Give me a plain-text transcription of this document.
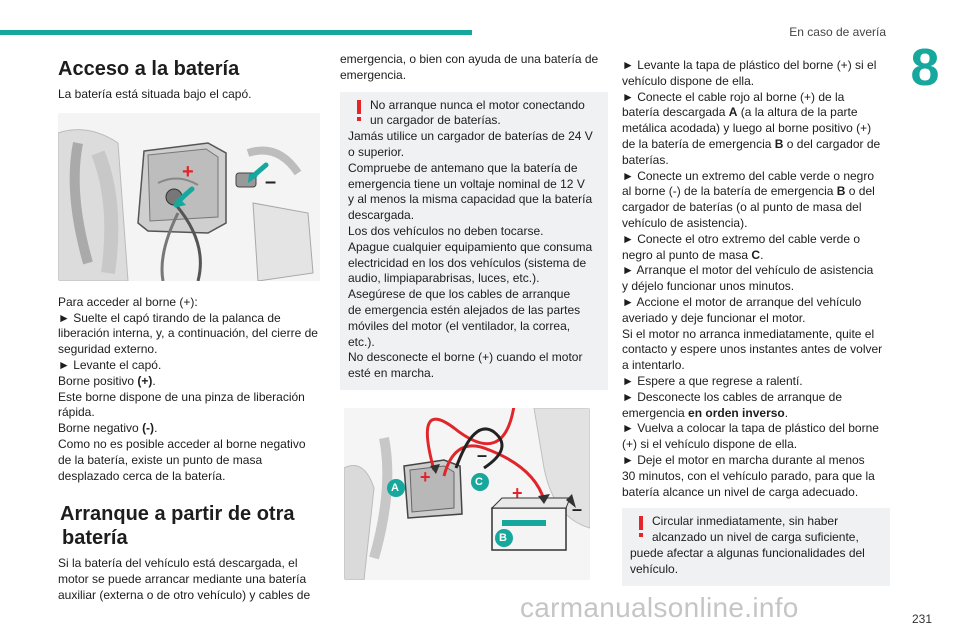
En caso de avería
8
Acceso a la batería

La batería está situada bajo el capó.

+	–

Para acceder al borne (+):

► Suelte el capó tirando de la palanca de

liberación interna, y, a continuación, del cierre de

seguridad externo.

► Levante el capó.

Borne positivo (+).

Este borne dispone de una pinza de liberación

rápida.

Borne negativo (-).

Como no es posible acceder al borne negativo

de la batería, existe un punto de masa

desplazado cerca de la batería.

Arranque a partir de otra
batería

Si la batería del vehículo está descargada, el

motor se puede arrancar mediante una batería

auxiliar (externa o de otro vehículo) y cables de

emergencia, o bien con ayuda de una batería de

emergencia.

No arranque nunca el motor conectando

un cargador de baterías.

Jamás utilice un cargador de baterías de 24 V

o superior.

Compruebe de antemano que la batería de

emergencia tiene un voltaje nominal de 12 V

y al menos la misma capacidad que la batería

descargada.

Los dos vehículos no deben tocarse.

Apague cualquier equipamiento que consuma

electricidad en los dos vehículos (sistema de

audio, limpiaparabrisas, luces, etc.).

Asegúrese de que los cables de arranque

de emergencia estén alejados de las partes

móviles del motor (el ventilador, la correa,

etc.).

No desconecte el borne (+) cuando el motor

esté en marcha.

A	C
B
+
+
–
–

► Levante la tapa de plástico del borne (+) si el

vehículo dispone de ella.

► Conecte el cable rojo al borne (+) de la

batería descargada A (a la altura de la parte

metálica acodada) y luego al borne positivo (+)

de la batería de emergencia B o del cargador de

baterías.

► Conecte un extremo del cable verde o negro

al borne (-) de la batería de emergencia B o del

cargador de baterías (o al punto de masa del

vehículo de asistencia).

► Conecte el otro extremo del cable verde o

negro al punto de masa C.

► Arranque el motor del vehículo de asistencia

y déjelo funcionar unos minutos.

► Accione el motor de arranque del vehículo

averiado y deje funcionar el motor.

Si el motor no arranca inmediatamente, quite el

contacto y espere unos instantes antes de volver

a intentarlo.

► Espere a que regrese a ralentí.

► Desconecte los cables de arranque de

emergencia en orden inverso.

► Vuelva a colocar la tapa de plástico del borne

(+) si el vehículo dispone de ella.

► Deje el motor en marcha durante al menos

30 minutos, con el vehículo parado, para que la

batería alcance un nivel de carga adecuado.

Circular inmediatamente, sin haber

alcanzado un nivel de carga suficiente,

puede afectar a algunas funcionalidades del

vehículo.

231
carmanualsonline.info
